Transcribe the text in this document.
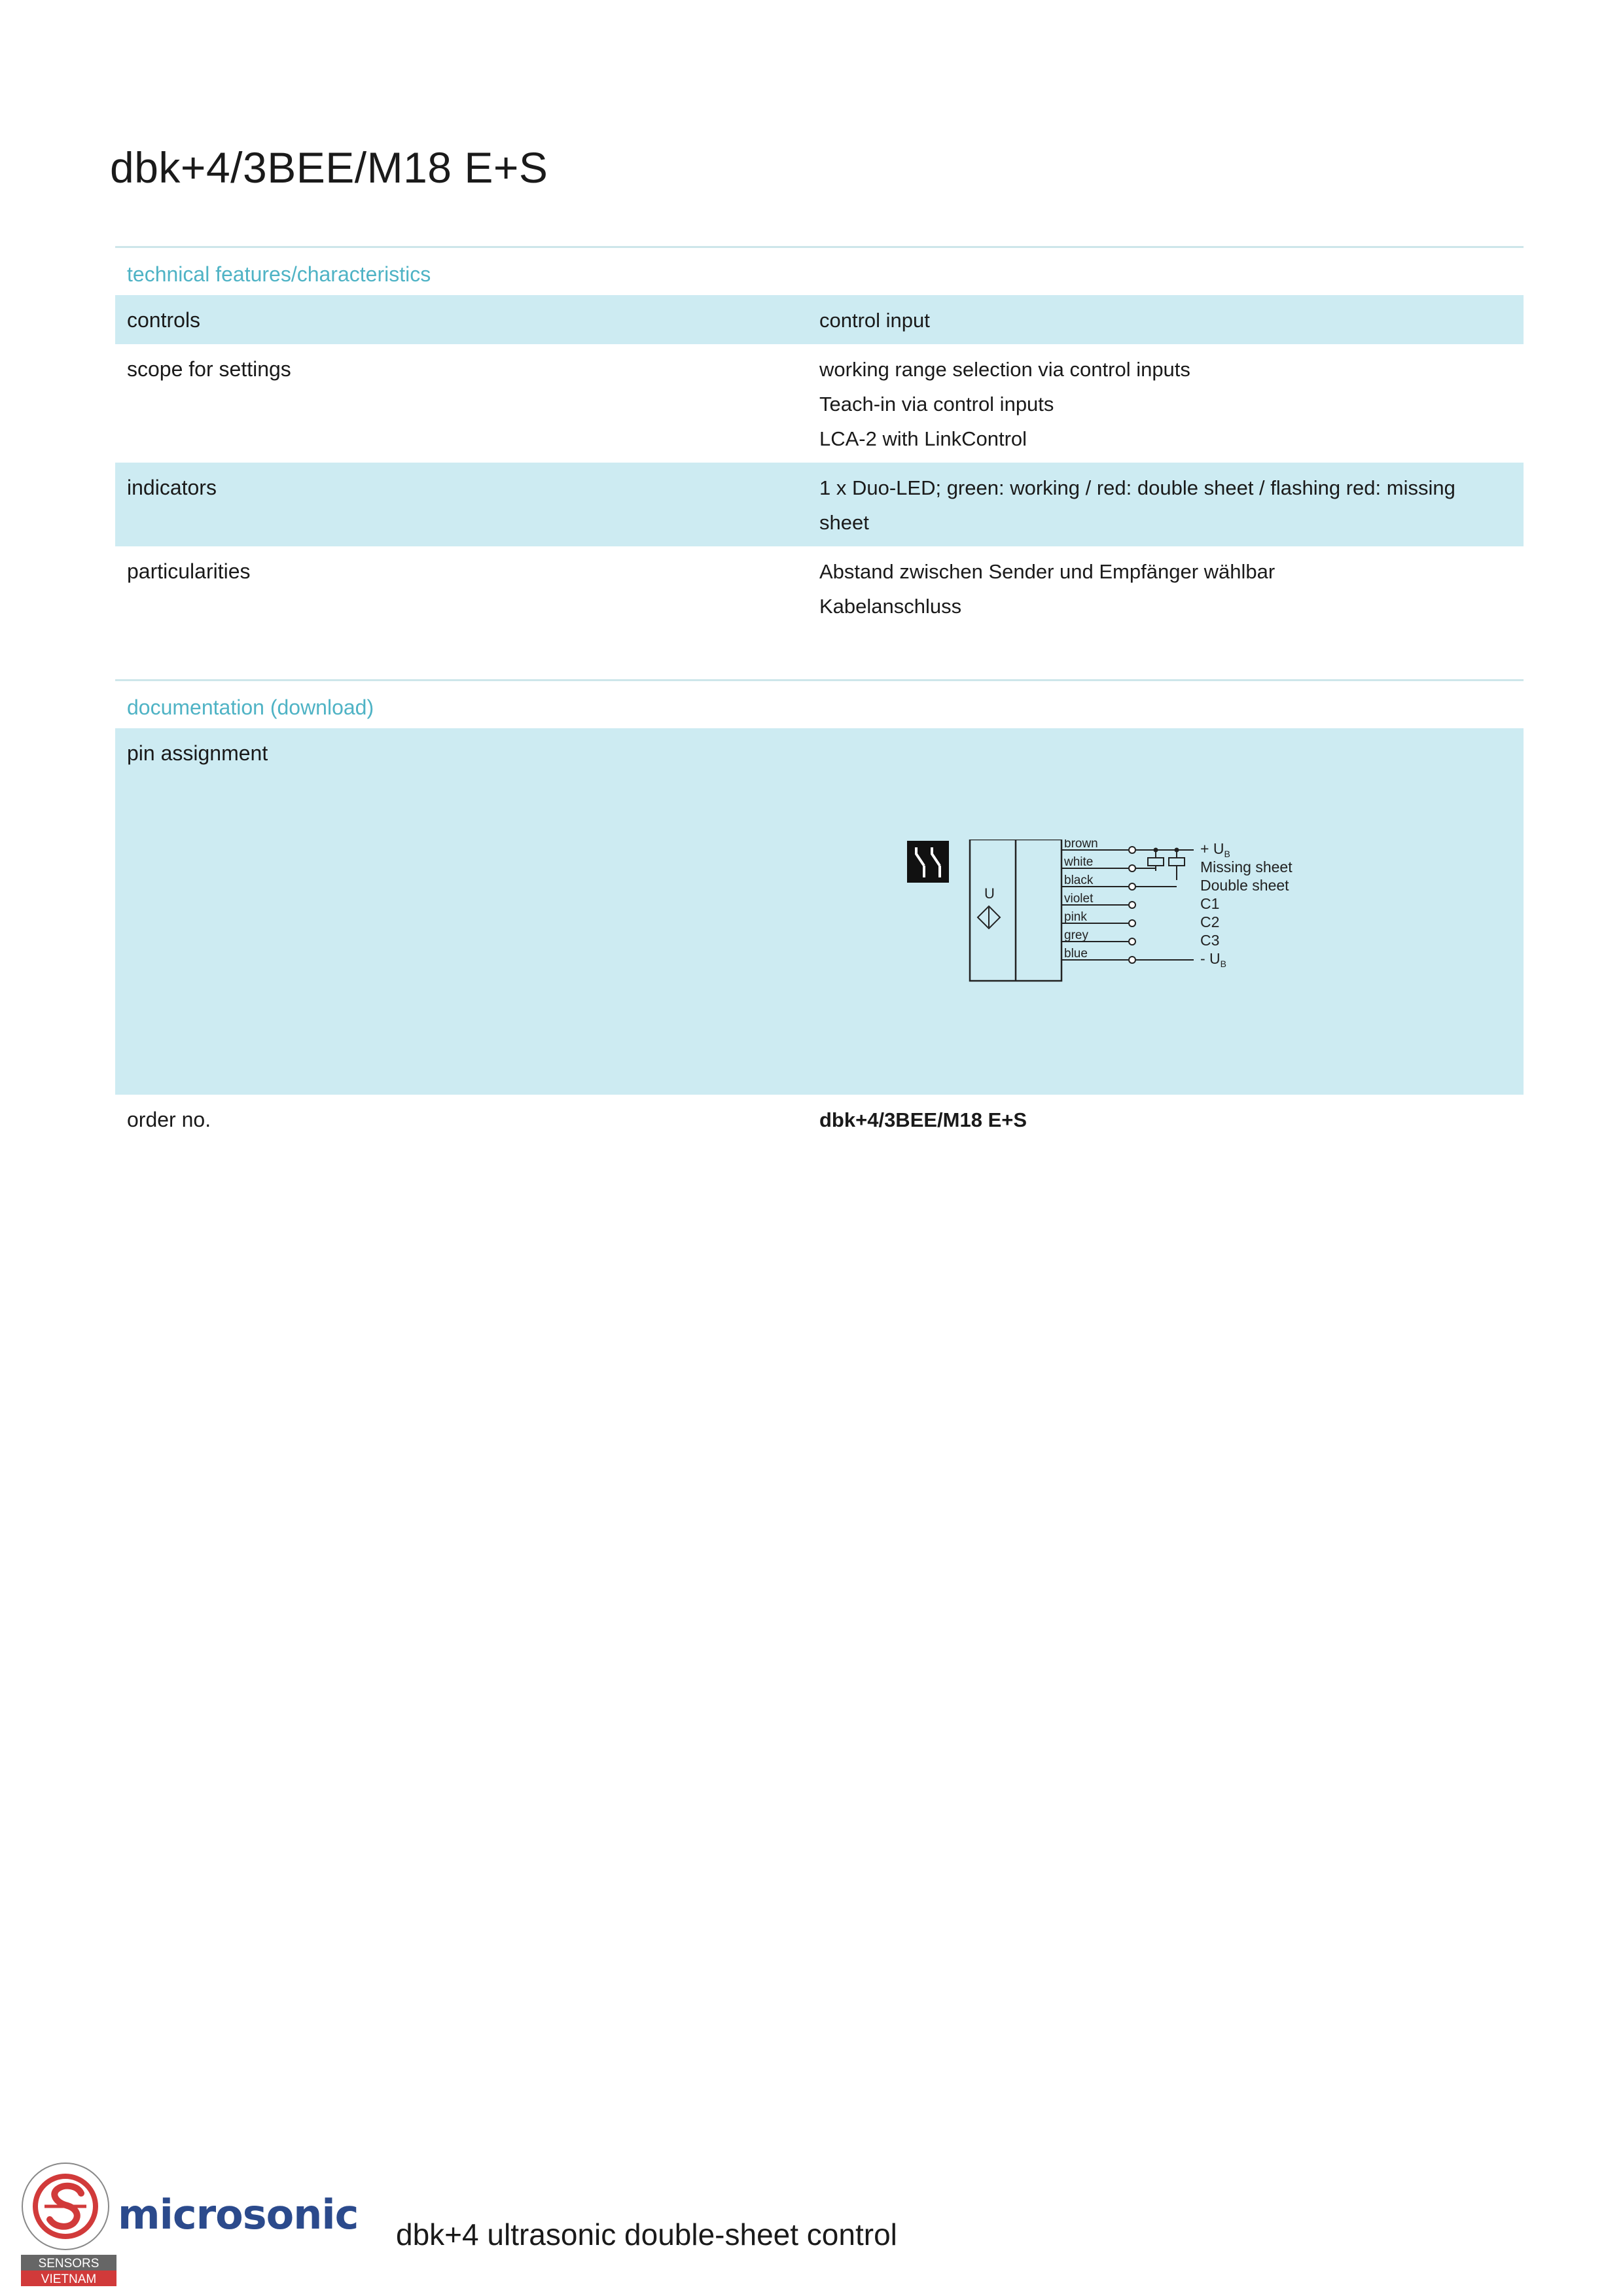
dbk+4/3BEE/M18 E+S
technical features/characteristics
controls	control input
scope for settings	working range selection via control inputs
Teach-in via control inputs
LCA-2 with LinkControl
indicators	1 x Duo-LED; green: working / red: double sheet / flashing red: missing
sheet
particularities	Abstand zwischen Sender und Empfänger wählbar
Kabelanschluss
documentation (download)
pin assignment
U
brown	+ $U_B$
white	Missing sheet
black	Double sheet
violet	C1
pink	C2
grey	C3
blue	- $U_B$
order no.	dbk+4/3BEE/M18 E+S
SENSORS
VIETNAM
microsonic dbk+4 ultrasonic double-sheet control
